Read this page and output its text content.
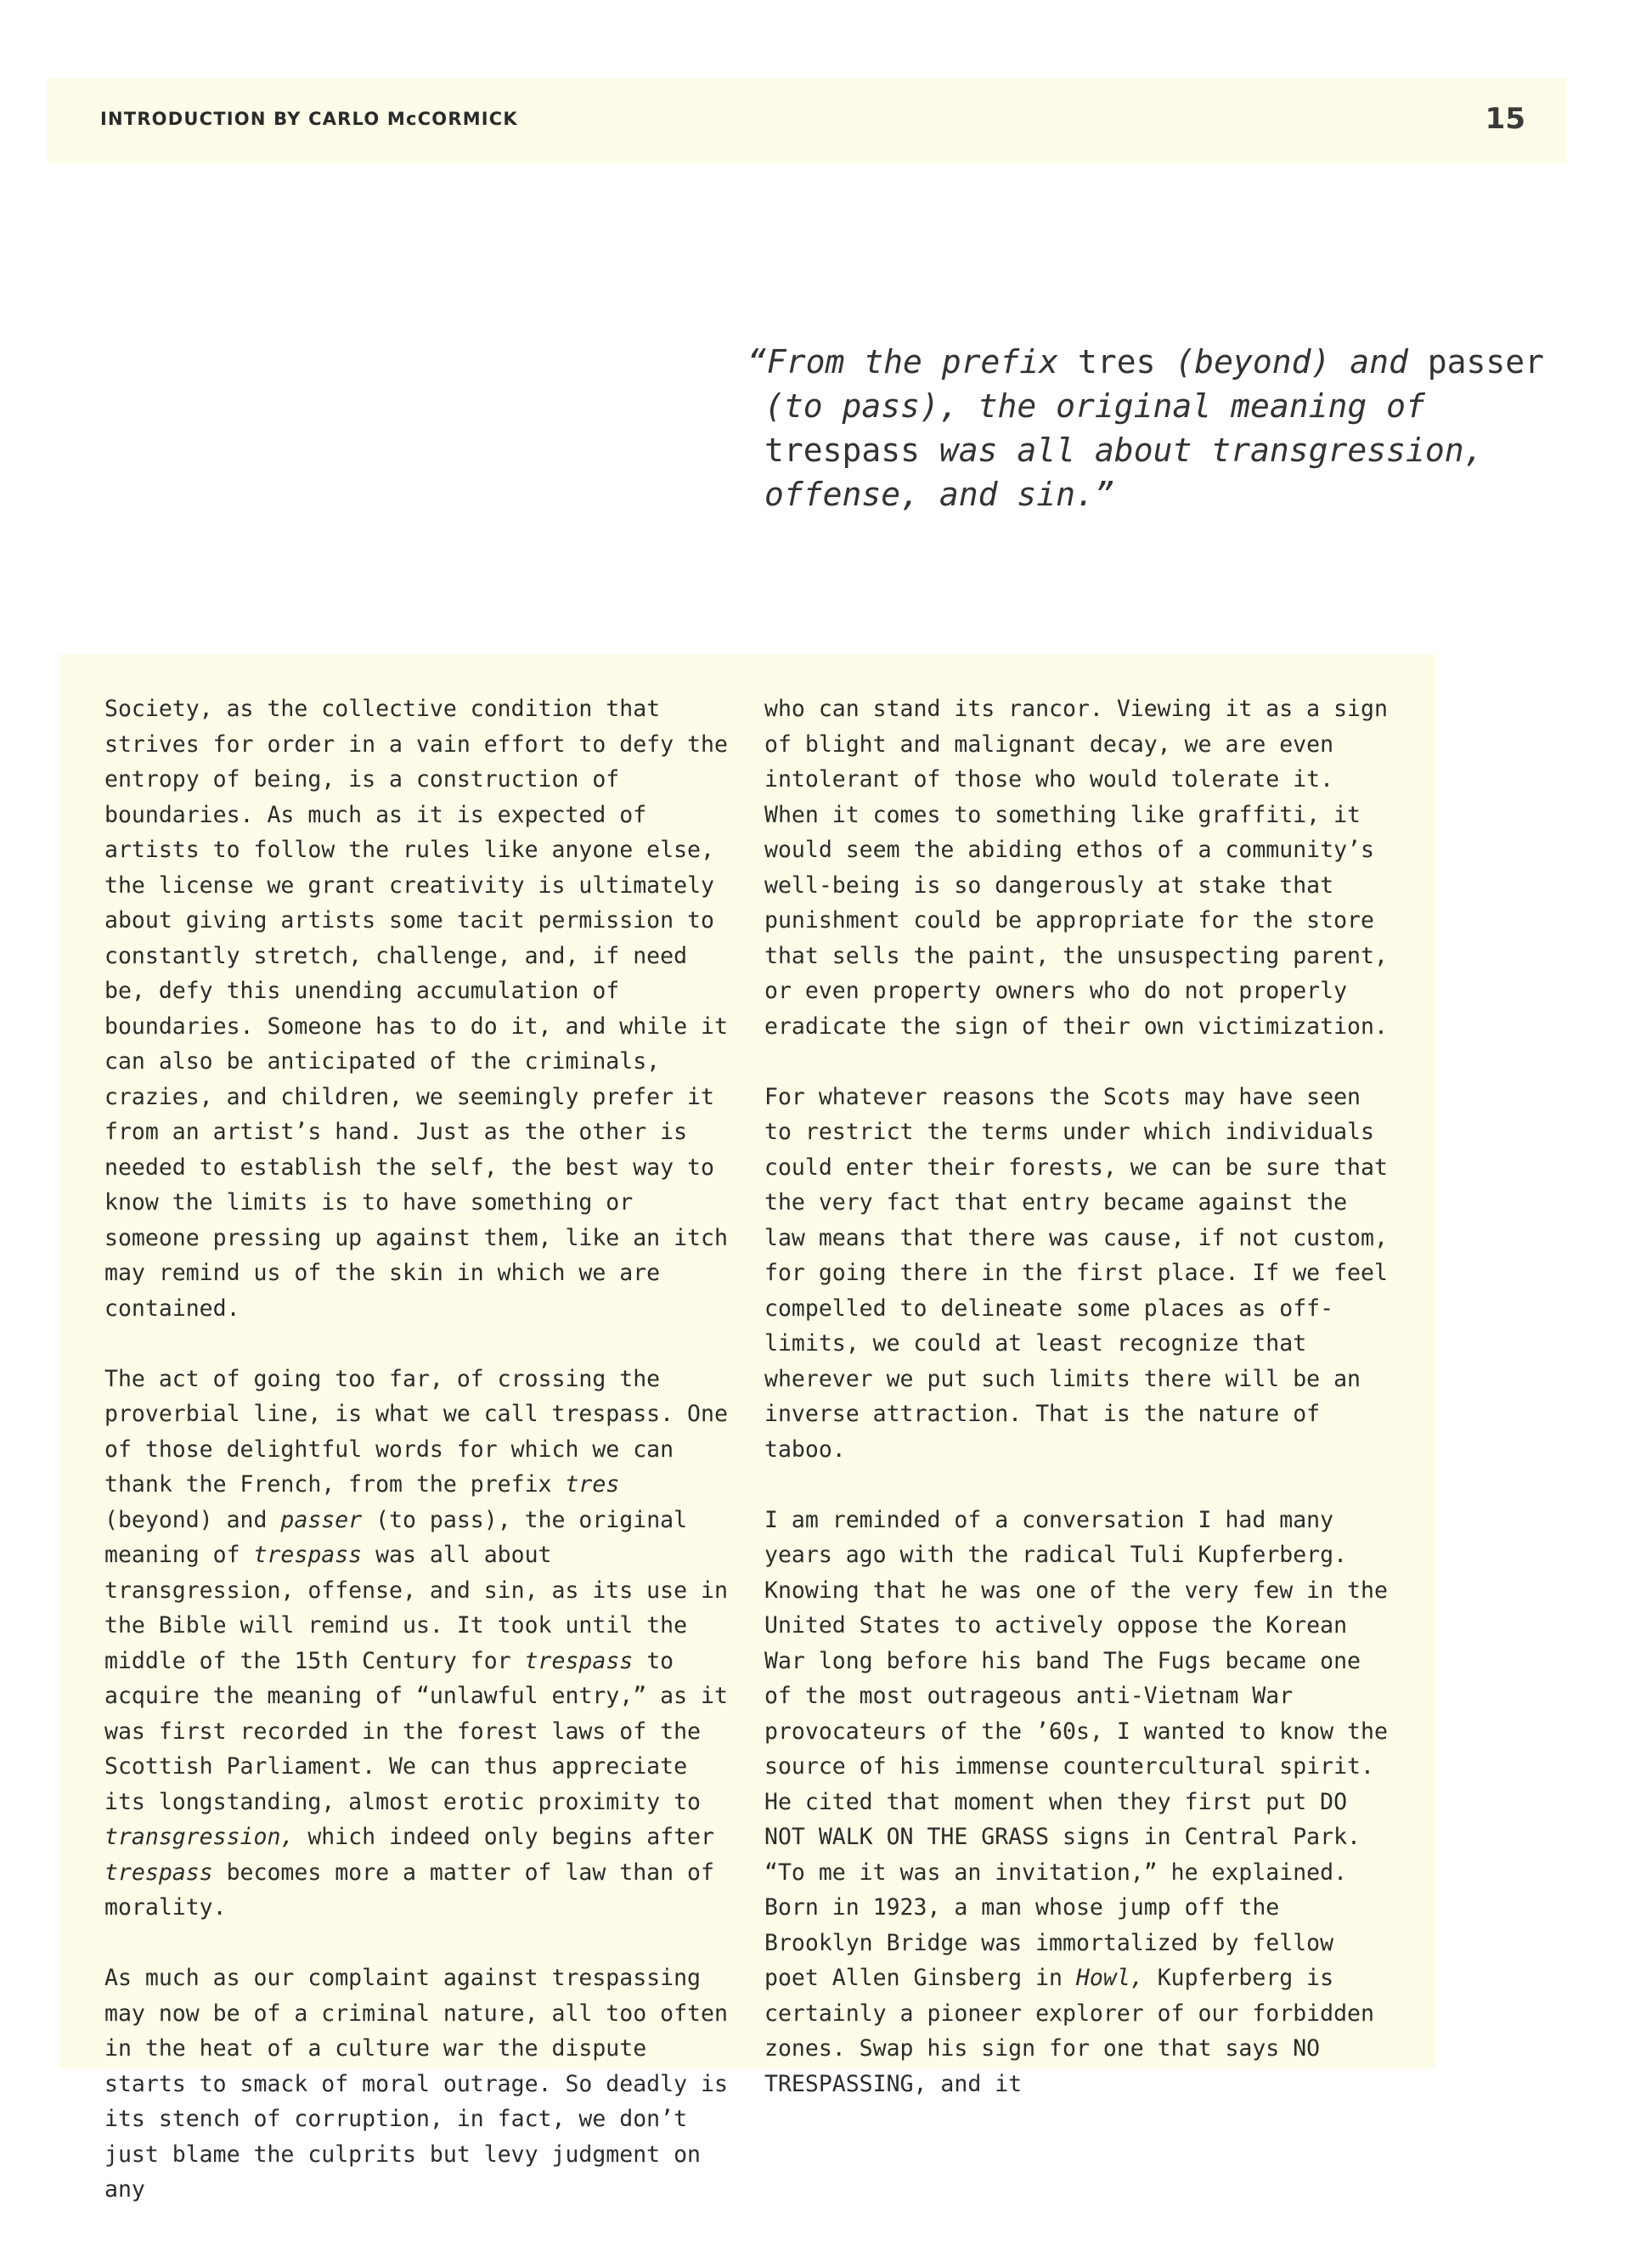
INTRODUCTION BY CARLO McCORMICK	15

“From the prefix tres (beyond) and passer (to pass), the original meaning of trespass was all about transgression, offense, and sin.”

Society, as the collective condition that strives for order in a vain effort to defy the entropy of being, is a construction of boundaries. As much as it is expected of artists to follow the rules like anyone else, the license we grant creativity is ultimately about giving artists some tacit permission to constantly stretch, challenge, and, if need be, defy this unending accumulation of boundaries. Someone has to do it, and while it can also be anticipated of the criminals, crazies, and children, we seemingly prefer it from an artist’s hand. Just as the other is needed to establish the self, the best way to know the limits is to have something or someone pressing up against them, like an itch may remind us of the skin in which we are contained.

The act of going too far, of crossing the proverbial line, is what we call trespass. One of those delightful words for which we can thank the French, from the prefix tres (beyond) and passer (to pass), the original meaning of trespass was all about transgression, offense, and sin, as its use in the Bible will remind us. It took until the middle of the 15th Century for trespass to acquire the meaning of “unlawful entry,” as it was first recorded in the forest laws of the Scottish Parliament. We can thus appreciate its longstanding, almost erotic proximity to transgression, which indeed only begins after trespass becomes more a matter of law than of morality.

As much as our complaint against trespassing may now be of a criminal nature, all too often in the heat of a culture war the dispute starts to smack of moral outrage. So deadly is its stench of corruption, in fact, we don’t just blame the culprits but levy judgment on any

who can stand its rancor. Viewing it as a sign of blight and malignant decay, we are even intolerant of those who would tolerate it. When it comes to something like graffiti, it would seem the abiding ethos of a community’s well-being is so dangerously at stake that punishment could be appropriate for the store that sells the paint, the unsuspecting parent, or even property owners who do not properly eradicate the sign of their own victimization.

For whatever reasons the Scots may have seen to restrict the terms under which individuals could enter their forests, we can be sure that the very fact that entry became against the law means that there was cause, if not custom, for going there in the first place. If we feel compelled to delineate some places as off-limits, we could at least recognize that wherever we put such limits there will be an inverse attraction. That is the nature of taboo.

I am reminded of a conversation I had many years ago with the radical Tuli Kupferberg. Knowing that he was one of the very few in the United States to actively oppose the Korean War long before his band The Fugs became one of the most outrageous anti-Vietnam War provocateurs of the ’60s, I wanted to know the source of his immense countercultural spirit. He cited that moment when they first put DO NOT WALK ON THE GRASS signs in Central Park. “To me it was an invitation,” he explained. Born in 1923, a man whose jump off the Brooklyn Bridge was immortalized by fellow poet Allen Ginsberg in Howl, Kupferberg is certainly a pioneer explorer of our forbidden zones. Swap his sign for one that says NO TRESPASSING, and it
